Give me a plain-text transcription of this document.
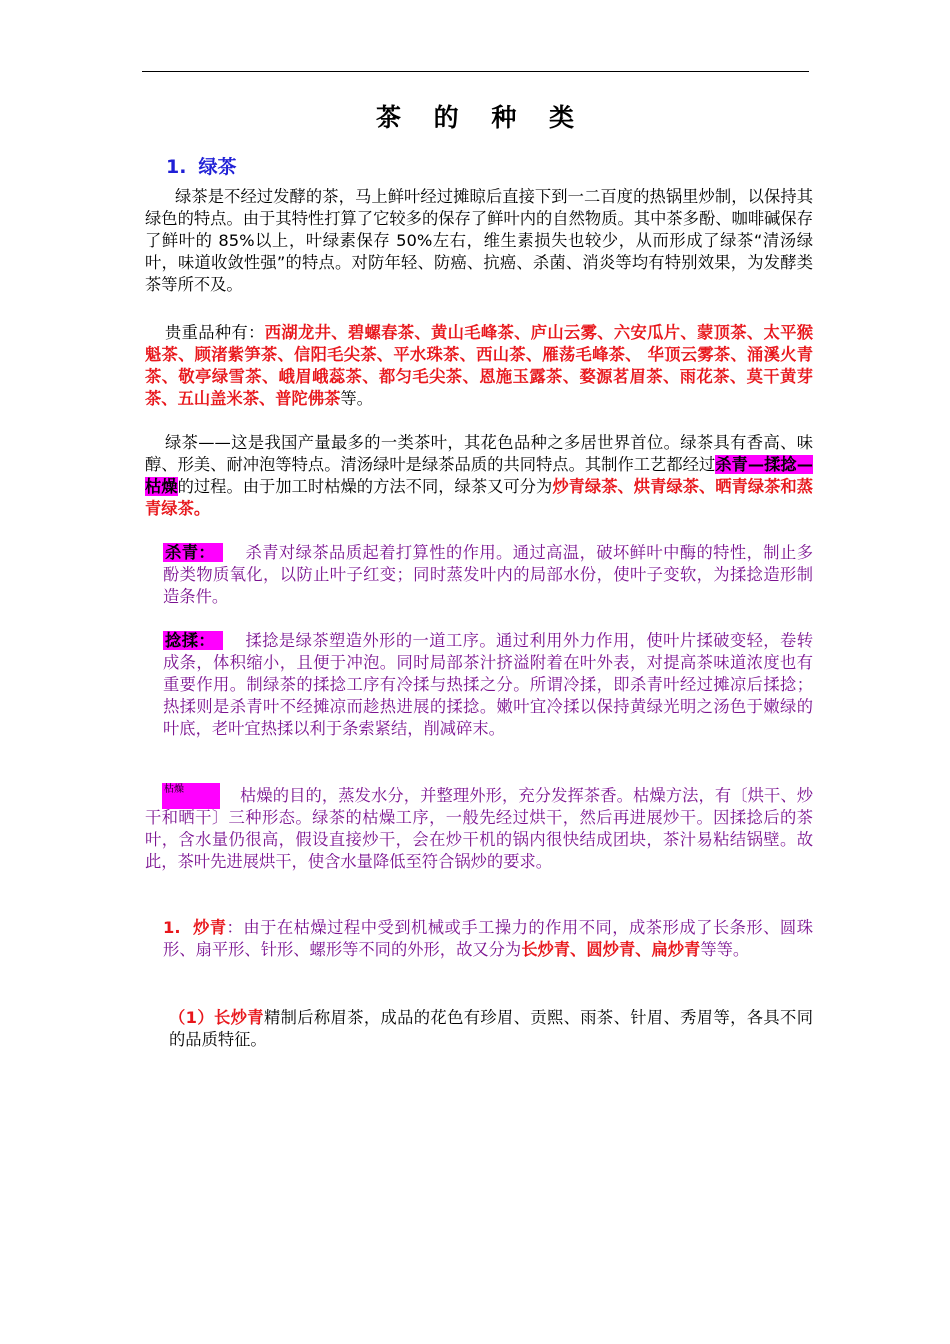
茶 的 种 类
1. 绿茶

绿茶是不经过发酵的茶，马上鲜叶经过摊晾后直接下到一二百度的热锅里炒制，以保持其绿色的特点。由于其特性打算了它较多的保存了鲜叶内的自然物质。其中茶多酚、咖啡碱保存了鲜叶的 85%以上，叶绿素保存 50%左右，维生素损失也较少，从而形成了绿茶“清汤绿叶，味道收敛性强”的特点。对防年轻、防癌、抗癌、杀菌、消炎等均有特别效果，为发酵类茶等所不及。

贵重品种有：西湖龙井、碧螺春茶、黄山毛峰茶、庐山云雾、六安瓜片、蒙顶茶、太平猴魁茶、顾渚紫笋茶、信阳毛尖茶、平水珠茶、西山茶、雁荡毛峰茶、 华顶云雾茶、涌溪火青茶、敬亭绿雪茶、峨眉峨蕊茶、都匀毛尖茶、恩施玉露茶、婺源茗眉茶、雨花茶、莫干黄芽茶、五山盖米茶、普陀佛茶等。

绿茶——这是我国产量最多的一类茶叶，其花色品种之多居世界首位。绿茶具有香高、味醇、形美、耐冲泡等特点。清汤绿叶是绿茶品质的共同特点。其制作工艺都经过杀青—揉捻—枯燥的过程。由于加工时枯燥的方法不同，绿茶又可分为炒青绿茶、烘青绿茶、晒青绿茶和蒸青绿茶。

杀青： 杀青对绿茶品质起着打算性的作用。通过高温，破坏鲜叶中酶的特性，制止多酚类物质氧化，以防止叶子红变；同时蒸发叶内的局部水份，使叶子变软，为揉捻造形制造条件。

捻揉： 揉捻是绿茶塑造外形的一道工序。通过利用外力作用，使叶片揉破变轻，卷转成条，体积缩小，且便于冲泡。同时局部茶汁挤溢附着在叶外表，对提高茶味道浓度也有重要作用。制绿茶的揉捻工序有冷揉与热揉之分。所谓冷揉，即杀青叶经过摊凉后揉捻；热揉则是杀青叶不经摊凉而趁热进展的揉捻。嫩叶宜冷揉以保持黄绿光明之汤色于嫩绿的叶底，老叶宜热揉以利于条索紧结，削减碎末。

枯燥	枯燥的目的，蒸发水分，并整理外形，充分发挥茶香。枯燥方法，有〔烘干、炒干和晒干〕三种形态。绿茶的枯燥工序，一般先经过烘干，然后再进展炒干。因揉捻后的茶叶，含水量仍很高，假设直接炒干，会在炒干机的锅内很快结成团块，茶汁易粘结锅壁。故此，茶叶先进展烘干，使含水量降低至符合锅炒的要求。

1. 炒青：由于在枯燥过程中受到机械或手工操力的作用不同，成茶形成了长条形、圆珠形、扇平形、针形、螺形等不同的外形，故又分为长炒青、圆炒青、扁炒青等等。

（1）长炒青精制后称眉茶，成品的花色有珍眉、贡熙、雨茶、针眉、秀眉等，各具不同的品质特征。
